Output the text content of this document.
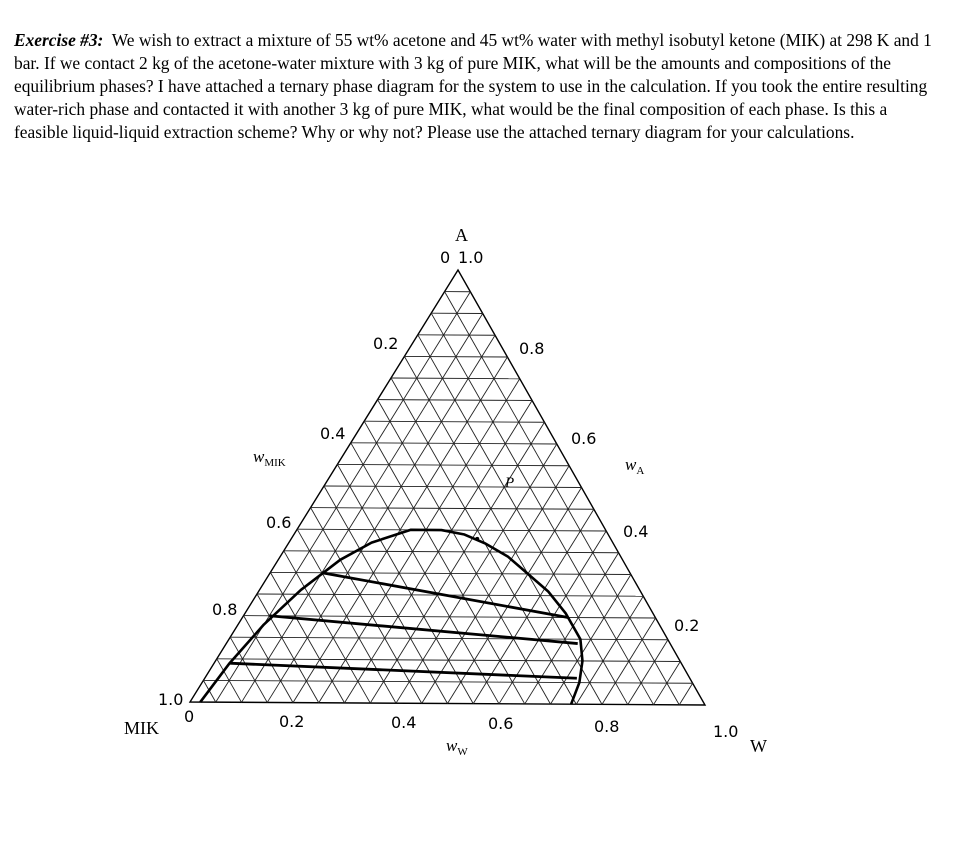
Exercise #3: We wish to extract a mixture of 55 wt% acetone and 45 wt% water with methyl isobutyl ketone (MIK) at 298 K and 1 bar. If we contact 2 kg of the acetone-water mixture with 3 kg of pure MIK, what will be the amounts and compositions of the equilibrium phases? I have attached a ternary phase diagram for the system to use in the calculation. If you took the entire resulting water-rich phase and contacted it with another 3 kg of pure MIK, what would be the final composition of each phase. Is this a feasible liquid-liquid extraction scheme? Why or why not? Please use the attached ternary diagram for your calculations.

A
MIK
W
0 1.0
0.2
0.4
0.6
0.8
1.0
0
0.8
0.6
0.4
0.2
0.2	0.4	0.6	0.8	1.0
$w_{MIK}$	$w_A$
$w_W$
P
